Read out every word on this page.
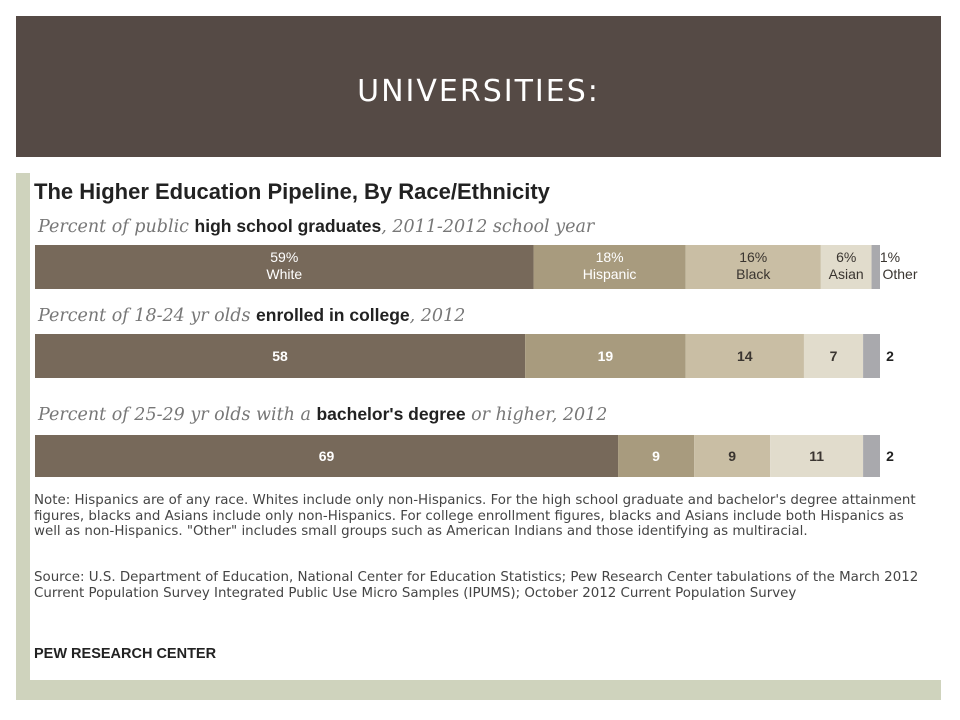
UNIVERSITIES:
The Higher Education Pipeline, By Race/Ethnicity
Percent of public high school graduates, 2011-2012 school year
Percent of 18-24 yr olds enrolled in college, 2012
Percent of 25-29 yr olds with a bachelor's degree or higher, 2012
59%
White
18%
Hispanic
16%
Black
6%
Asian
1%
Other
58	19	14	7	2
69	9	9	11	2
Note: Hispanics are of any race. Whites include only non-Hispanics. For the high school graduate and bachelor's degree attainment figures, blacks and Asians include only non-Hispanics. For college enrollment figures, blacks and Asians include both Hispanics as well as non-Hispanics. "Other" includes small groups such as American Indians and those identifying as multiracial.
Source: U.S. Department of Education, National Center for Education Statistics; Pew Research Center tabulations of the March 2012 Current Population Survey Integrated Public Use Micro Samples (IPUMS); October 2012 Current Population Survey
PEW RESEARCH CENTER
